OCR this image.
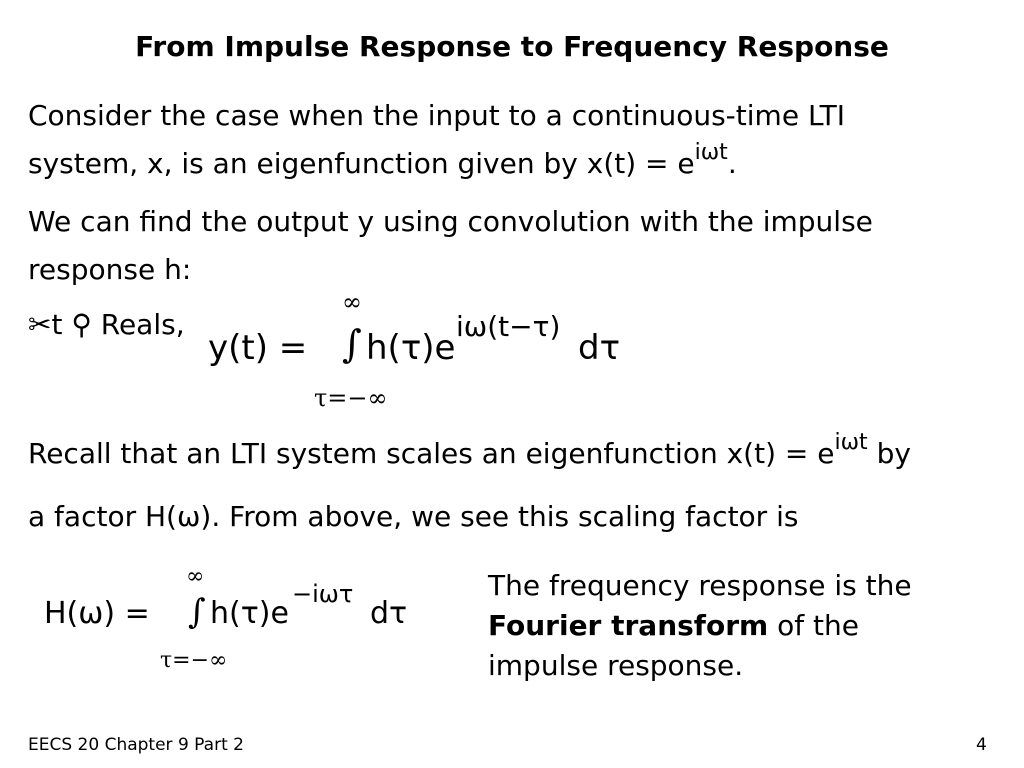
From Impulse Response to Frequency Response
Consider the case when the input to a continuous-time LTI
system, x, is an eigenfunction given by $x(t) = e^{i\omega t}$.
We can find the output y using convolution with the impulse
response h:
✂t ⚲ Reals,
∞
y(t) = ∫ h(τ)e
iω(t−τ)
dτ
τ=−∞
Recall that an LTI system scales an eigenfunction $x(t) = e^{i\omega t}$ by
a factor H(ω). From above, we see this scaling factor is
∞
H(ω) = ∫ h(τ)e
−iωτ
dτ
τ=−∞
The frequency response is the
Fourier transform of the
impulse response.
EECS 20 Chapter 9 Part 2	4
